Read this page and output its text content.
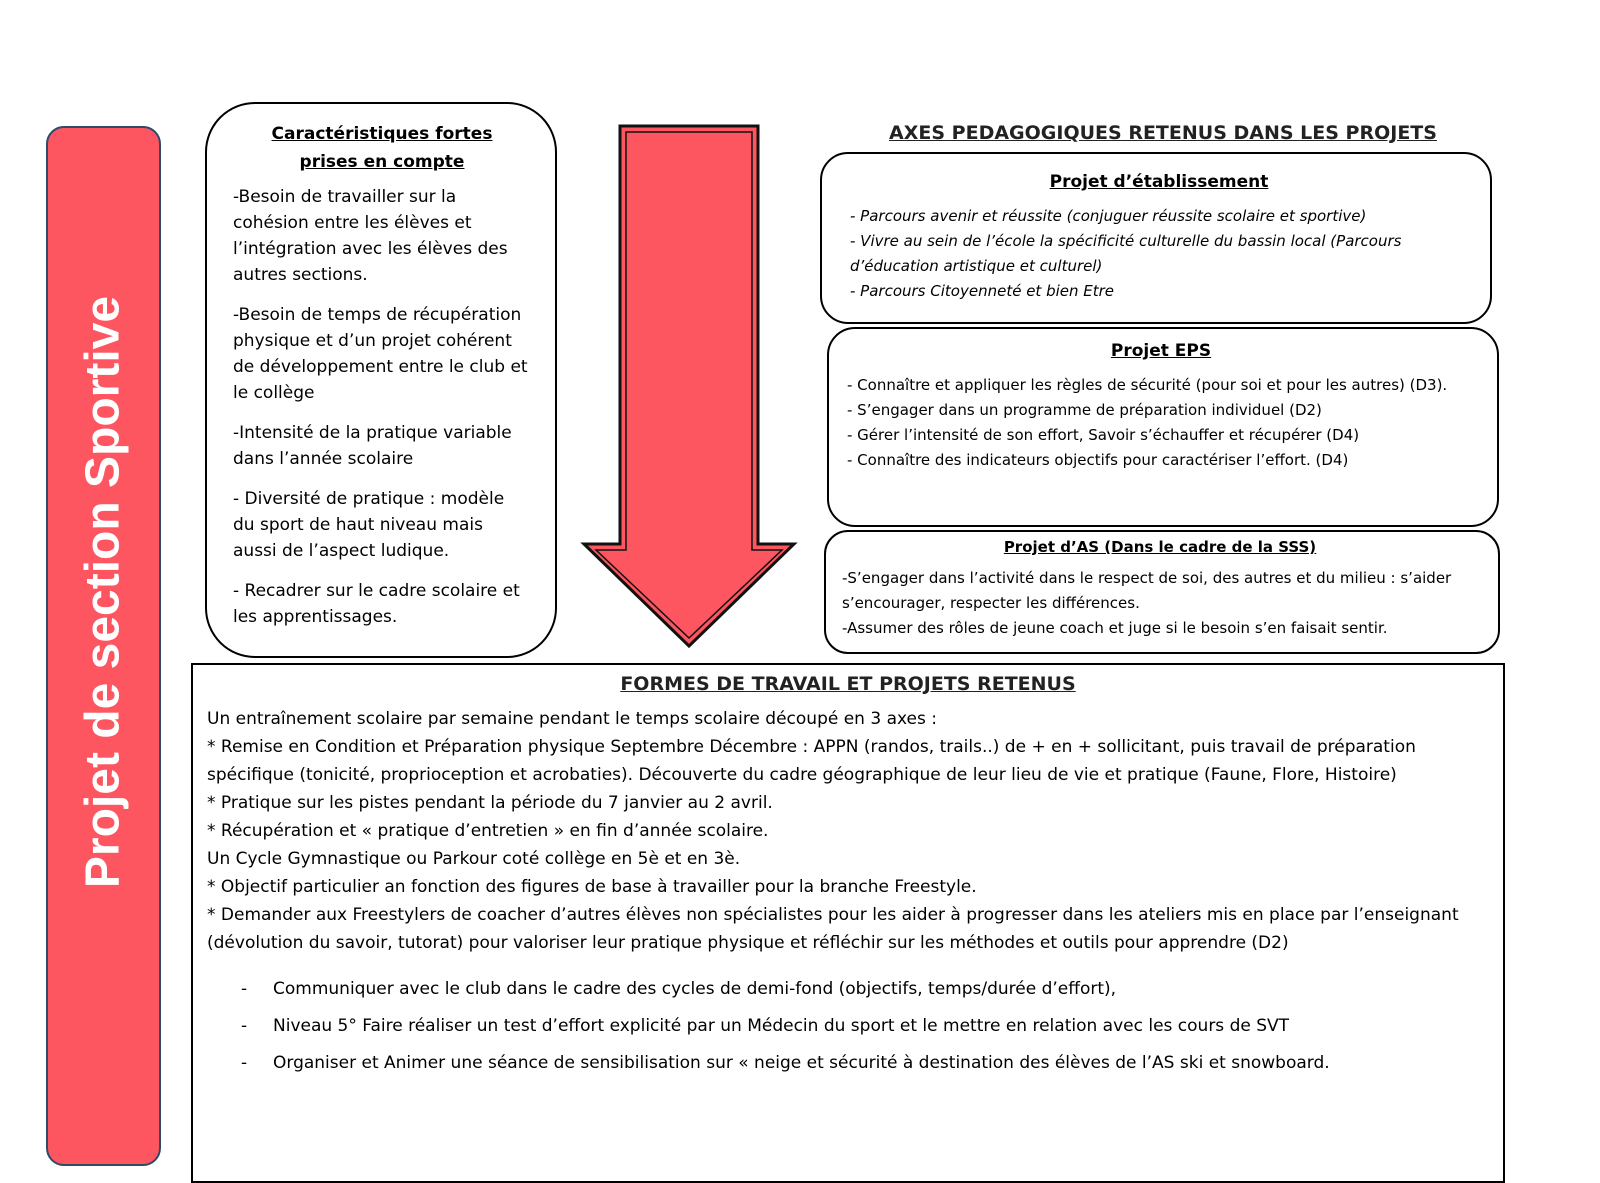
Projet de section Sportive
Caractéristiques fortes prises en compte
-Besoin de travailler sur la cohésion entre les élèves et l’intégration avec les élèves des autres sections.
-Besoin de temps de récupération physique et d’un projet cohérent de développement entre le club et le collège
-Intensité de la pratique variable dans l’année scolaire
- Diversité de pratique : modèle du sport de haut niveau mais aussi de l’aspect ludique.
- Recadrer sur le cadre scolaire et les apprentissages.
AXES PEDAGOGIQUES RETENUS DANS LES PROJETS
Projet d’établissement
- Parcours avenir et réussite (conjuguer réussite scolaire et sportive)
- Vivre au sein de l’école la spécificité culturelle du bassin local (Parcours d’éducation artistique et culturel)
- Parcours Citoyenneté et bien Etre
Projet EPS
- Connaître et appliquer les règles de sécurité (pour soi et pour les autres) (D3).
- S’engager dans un programme de préparation individuel (D2)
- Gérer l’intensité de son effort, Savoir s’échauffer et récupérer (D4)
- Connaître des indicateurs objectifs pour caractériser l’effort. (D4)
Projet d’AS (Dans le cadre de la SSS)
-S’engager dans l’activité dans le respect de soi, des autres et du milieu : s’aider s’encourager, respecter les différences.
-Assumer des rôles de jeune coach et juge si le besoin s’en faisait sentir.
FORMES DE TRAVAIL ET PROJETS RETENUS
Un entraînement scolaire par semaine pendant le temps scolaire découpé en 3 axes :
* Remise en Condition et Préparation physique Septembre Décembre : APPN (randos, trails..) de + en + sollicitant, puis travail de préparation spécifique (tonicité, proprioception et acrobaties). Découverte du cadre géographique de leur lieu de vie et pratique (Faune, Flore, Histoire)
* Pratique sur les pistes pendant la période du 7 janvier au 2 avril.
* Récupération et « pratique d’entretien » en fin d’année scolaire.
Un Cycle Gymnastique ou Parkour coté collège en 5è et en 3è.
* Objectif particulier an fonction des figures de base à travailler pour la branche Freestyle.
* Demander aux Freestylers de coacher d’autres élèves non spécialistes pour les aider à progresser dans les ateliers mis en place par l’enseignant (dévolution du savoir, tutorat) pour valoriser leur pratique physique et réfléchir sur les méthodes et outils pour apprendre (D2)
-	Communiquer avec le club dans le cadre des cycles de demi-fond (objectifs, temps/durée d’effort),
-	Niveau 5° Faire réaliser un test d’effort explicité par un Médecin du sport et le mettre en relation avec les cours de SVT
-	Organiser et Animer une séance de sensibilisation sur « neige et sécurité à destination des élèves de l’AS ski et snowboard.
